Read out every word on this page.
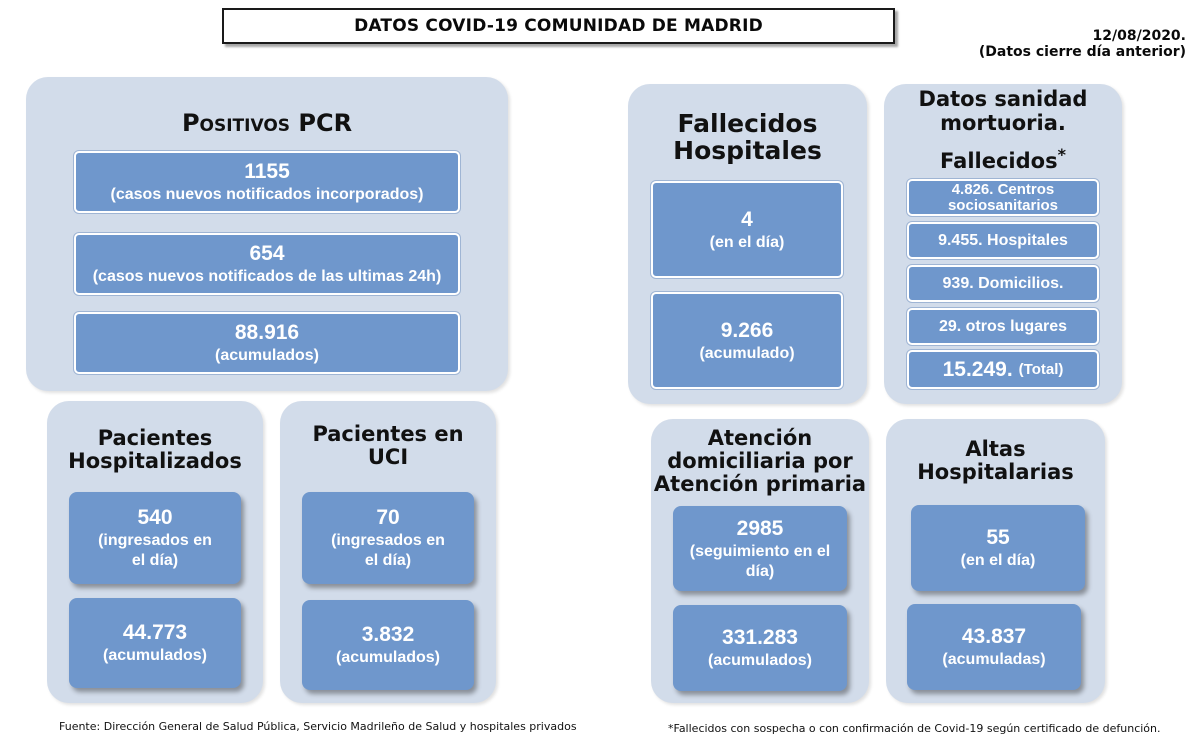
DATOS COVID-19 COMUNIDAD DE MADRID	12/08/2020.
(Datos cierre día anterior)
Positivos PCR
1155
(casos nuevos notificados incorporados)
654
(casos nuevos notificados de las ultimas 24h)
88.916
(acumulados)
Pacientes
Hospitalizados
540
(ingresados en
el día)
44.773
(acumulados)
Pacientes en
UCI
70
(ingresados en
el día)
3.832
(acumulados)
Fallecidos
Hospitales
4
(en el día)
9.266
(acumulado)
Datos sanidad
mortuoria.
Fallecidos*
4.826. Centros
sociosanitarios
9.455. Hospitales
939. Domicilios.
29. otros lugares
15.249. (Total)
Atención
domiciliaria por
Atención primaria
2985
(seguimiento en el
día)
331.283
(acumulados)
Altas
Hospitalarias
55
(en el día)
43.837
(acumuladas)
Fuente: Dirección General de Salud Pública, Servicio Madrileño de Salud y hospitales privados	*Fallecidos con sospecha o con confirmación de Covid-19 según certificado de defunción.
